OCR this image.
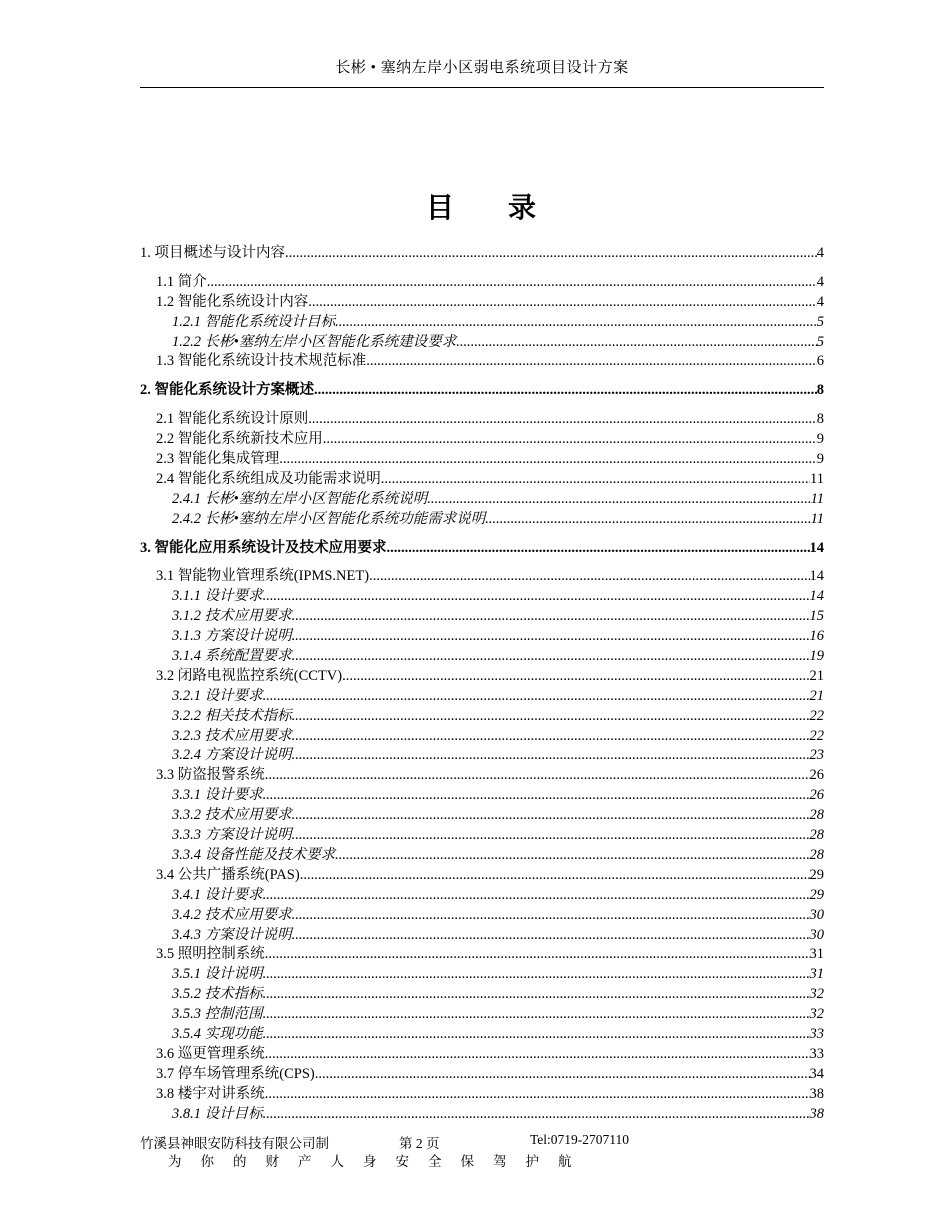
长彬 • 塞纳左岸小区弱电系统项目设计方案
目 录
1. 项目概述与设计内容 .....	4
1.1 简介 .....	4
1.2 智能化系统设计内容 .....	4
1.2.1 智能化系统设计目标 .....	5
1.2.2 长彬•塞纳左岸小区智能化系统建设要求 .....	5
1.3 智能化系统设计技术规范标准 .....	6
2. 智能化系统设计方案概述 .....	8
2.1 智能化系统设计原则 .....	8
2.2 智能化系统新技术应用 .....	9
2.3 智能化集成管理 .....	9
2.4 智能化系统组成及功能需求说明 .....	11
2.4.1 长彬•塞纳左岸小区智能化系统说明 .....	11
2.4.2 长彬•塞纳左岸小区智能化系统功能需求说明 .....	11
3. 智能化应用系统设计及技术应用要求 .....	14
3.1 智能物业管理系统(IPMS.NET) .....	14
3.1.1 设计要求 .....	14
3.1.2 技术应用要求 .....	15
3.1.3 方案设计说明 .....	16
3.1.4 系统配置要求 .....	19
3.2 闭路电视监控系统(CCTV) .....	21
3.2.1 设计要求 .....	21
3.2.2 相关技术指标 .....	22
3.2.3 技术应用要求 .....	22
3.2.4 方案设计说明 .....	23
3.3 防盗报警系统 .....	26
3.3.1 设计要求 .....	26
3.3.2 技术应用要求 .....	28
3.3.3 方案设计说明 .....	28
3.3.4 设备性能及技术要求 .....	28
3.4 公共广播系统(PAS) .....	29
3.4.1 设计要求 .....	29
3.4.2 技术应用要求 .....	30
3.4.3 方案设计说明 .....	30
3.5 照明控制系统 .....	31
3.5.1 设计说明 .....	31
3.5.2 技术指标 .....	32
3.5.3 控制范围 .....	32
3.5.4 实现功能 .....	33
3.6 巡更管理系统 .....	33
3.7 停车场管理系统(CPS) .....	34
3.8 楼宇对讲系统 .....	38
3.8.1 设计目标 .....	38
竹溪县神眼安防科技有限公司制	第 2 页	Tel:0719-2707110
为你的财产人身安全保驾护航
